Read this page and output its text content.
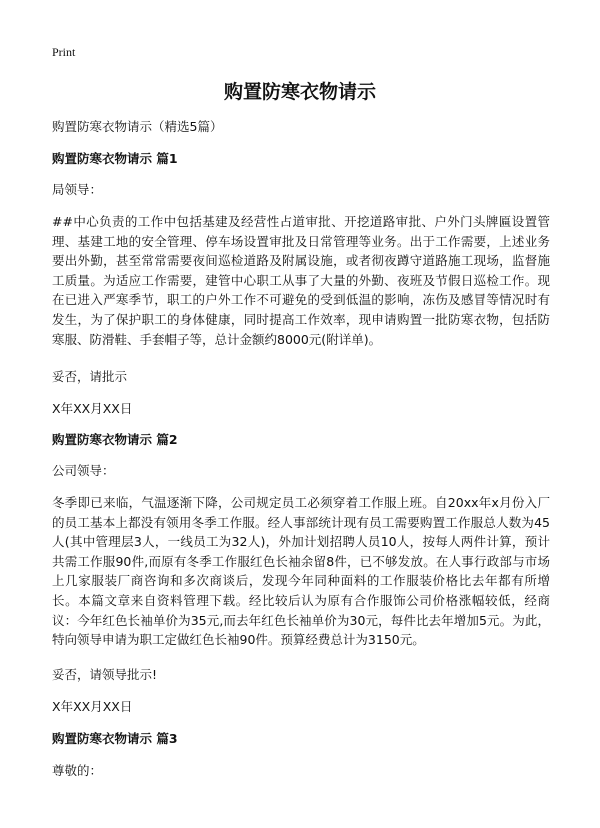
Print
购置防寒衣物请示
购置防寒衣物请示（精选5篇）
购置防寒衣物请示 篇1
局领导：

##中心负责的工作中包括基建及经营性占道审批、开挖道路审批、户外门头牌匾设置管理、基建工地的安全管理、停车场设置审批及日常管理等业务。出于工作需要，上述业务要出外勤，甚至常常需要夜间巡检道路及附属设施，或者彻夜蹲守道路施工现场，监督施工质量。为适应工作需要，建管中心职工从事了大量的外勤、夜班及节假日巡检工作。现在已进入严寒季节，职工的户外工作不可避免的受到低温的影响，冻伤及感冒等情况时有发生，为了保护职工的身体健康，同时提高工作效率，现申请购置一批防寒衣物，包括防寒服、防滑鞋、手套帽子等，总计金额约8000元(附详单)。

妥否，请批示
X年XX月XX日
购置防寒衣物请示 篇2
公司领导：

冬季即已来临，气温逐渐下降，公司规定员工必须穿着工作服上班。自20xx年x月份入厂的员工基本上都没有领用冬季工作服。经人事部统计现有员工需要购置工作服总人数为45人(其中管理层3人，一线员工为32人)，外加计划招聘人员10人，按每人两件计算，预计共需工作服90件,而原有冬季工作服红色长袖余留8件，已不够发放。在人事行政部与市场上几家服装厂商咨询和多次商谈后，发现今年同种面料的工作服装价格比去年都有所增长。本篇文章来自资料管理下载。经比较后认为原有合作服饰公司价格涨幅较低，经商议：今年红色长袖单价为35元,而去年红色长袖单价为30元，每件比去年增加5元。为此，特向领导申请为职工定做红色长袖90件。预算经费总计为3150元。

妥否，请领导批示!
X年XX月XX日
购置防寒衣物请示 篇3
尊敬的：
